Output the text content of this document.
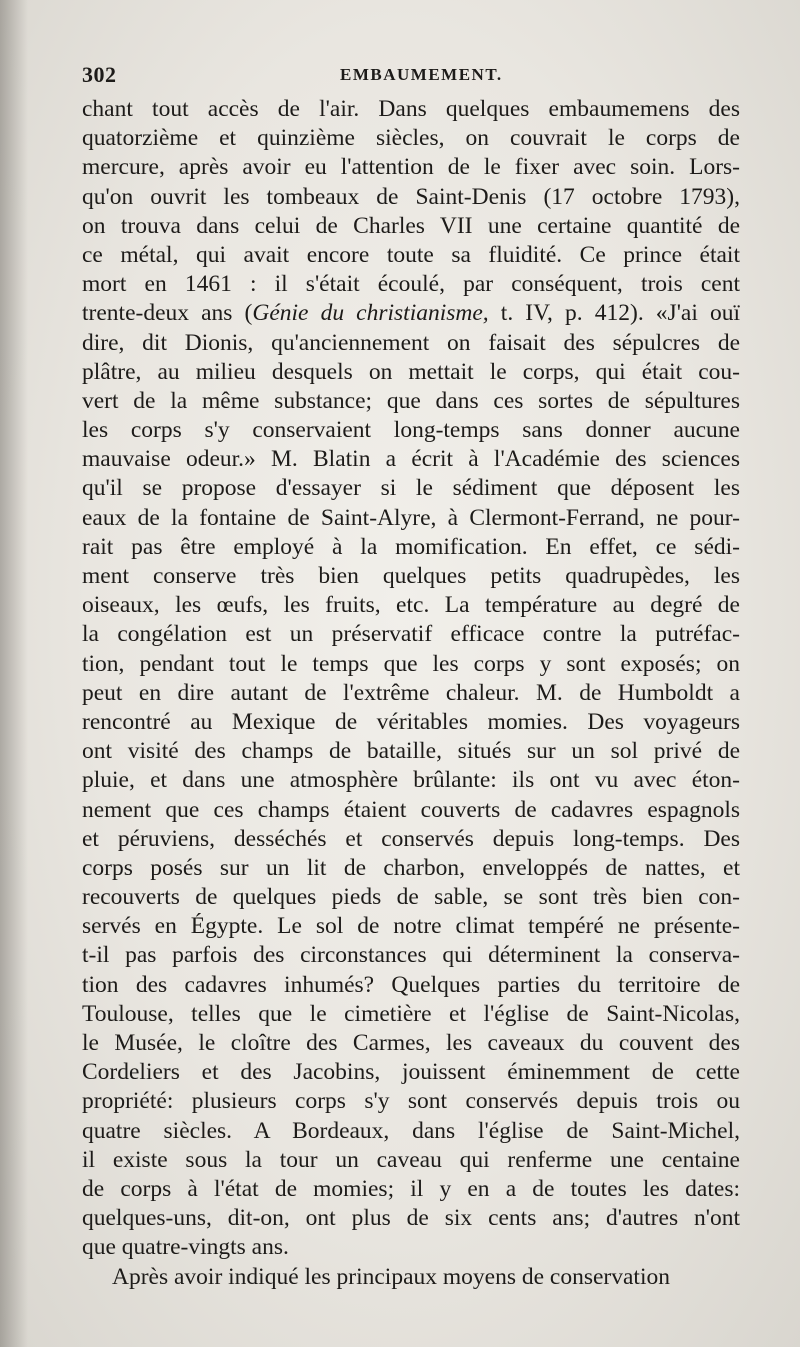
302	EMBAUMEMENT.
chant tout accès de l'air. Dans quelques embaumemens des
quatorzième et quinzième siècles, on couvrait le corps de
mercure, après avoir eu l'attention de le fixer avec soin. Lors-
qu'on ouvrit les tombeaux de Saint-Denis (17 octobre 1793),
on trouva dans celui de Charles VII une certaine quantité de
ce métal, qui avait encore toute sa fluidité. Ce prince était
mort en 1461 : il s'était écoulé, par conséquent, trois cent
trente-deux ans (Génie du christianisme, t. IV, p. 412). «J'ai ouï
dire, dit Dionis, qu'anciennement on faisait des sépulcres de
plâtre, au milieu desquels on mettait le corps, qui était cou-
vert de la même substance; que dans ces sortes de sépultures
les corps s'y conservaient long-temps sans donner aucune
mauvaise odeur.» M. Blatin a écrit à l'Académie des sciences
qu'il se propose d'essayer si le sédiment que déposent les
eaux de la fontaine de Saint-Alyre, à Clermont-Ferrand, ne pour-
rait pas être employé à la momification. En effet, ce sédi-
ment conserve très bien quelques petits quadrupèdes, les
oiseaux, les œufs, les fruits, etc. La température au degré de
la congélation est un préservatif efficace contre la putréfac-
tion, pendant tout le temps que les corps y sont exposés; on
peut en dire autant de l'extrême chaleur. M. de Humboldt a
rencontré au Mexique de véritables momies. Des voyageurs
ont visité des champs de bataille, situés sur un sol privé de
pluie, et dans une atmosphère brûlante: ils ont vu avec éton-
nement que ces champs étaient couverts de cadavres espagnols
et péruviens, desséchés et conservés depuis long-temps. Des
corps posés sur un lit de charbon, enveloppés de nattes, et
recouverts de quelques pieds de sable, se sont très bien con-
servés en Égypte. Le sol de notre climat tempéré ne présente-
t-il pas parfois des circonstances qui déterminent la conserva-
tion des cadavres inhumés? Quelques parties du territoire de
Toulouse, telles que le cimetière et l'église de Saint-Nicolas,
le Musée, le cloître des Carmes, les caveaux du couvent des
Cordeliers et des Jacobins, jouissent éminemment de cette
propriété: plusieurs corps s'y sont conservés depuis trois ou
quatre siècles. A Bordeaux, dans l'église de Saint-Michel,
il existe sous la tour un caveau qui renferme une centaine
de corps à l'état de momies; il y en a de toutes les dates:
quelques-uns, dit-on, ont plus de six cents ans; d'autres n'ont
que quatre-vingts ans.
Après avoir indiqué les principaux moyens de conservation
